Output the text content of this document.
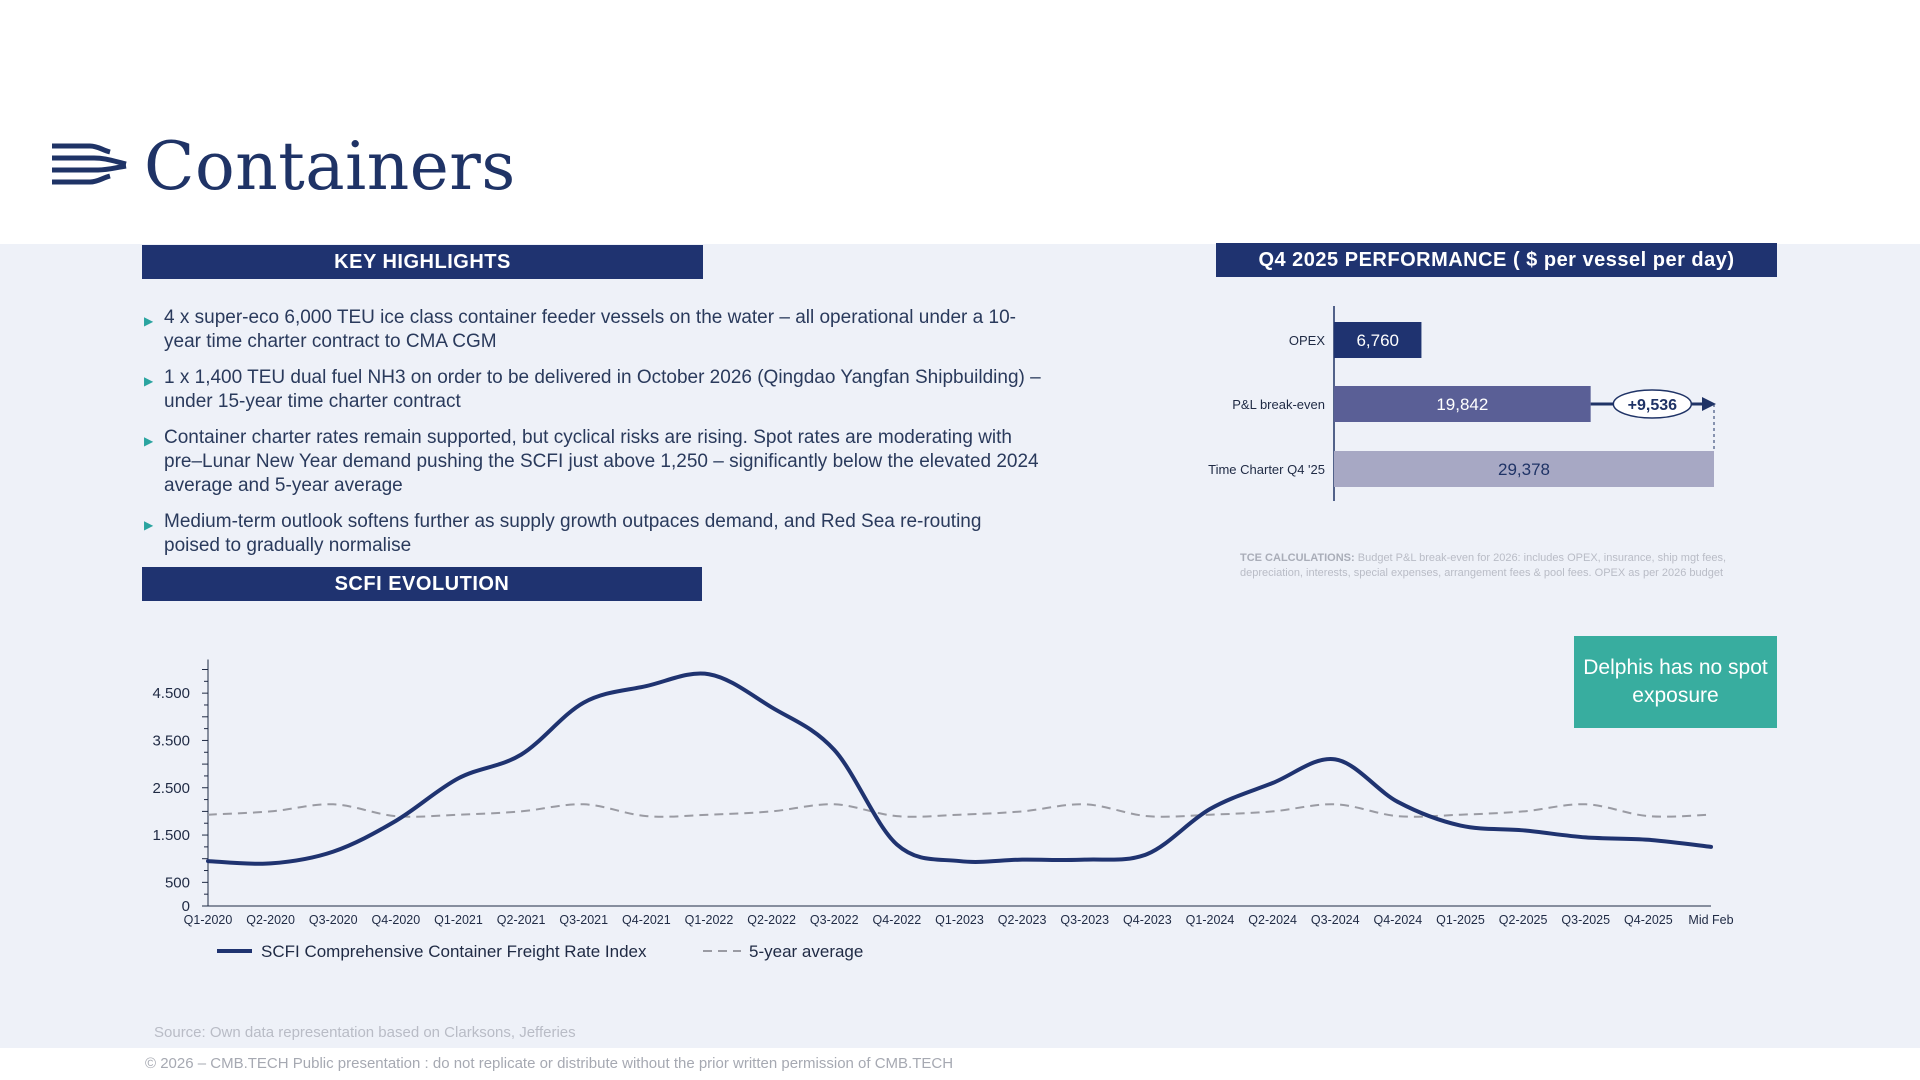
Containers
KEY HIGHLIGHTS
▶ 4 x super-eco 6,000 TEU ice class container feeder vessels on the water – all operational under a 10-year time charter contract to CMA CGM
▶ 1 x 1,400 TEU dual fuel NH3 on order to be delivered in October 2026 (Qingdao Yangfan Shipbuilding) – under 15-year time charter contract
▶ Container charter rates remain supported, but cyclical risks are rising. Spot rates are moderating with pre–Lunar New Year demand pushing the SCFI just above 1,250 – significantly below the elevated 2024 average and 5-year average
▶ Medium-term outlook softens further as supply growth outpaces demand, and Red Sea re-routing poised to gradually normalise
Q4 2025 PERFORMANCE ( $ per vessel per day)
OPEX 6,760
P&L break-even	19,842
Time Charter Q4 '25	29,378
+9,536
TCE CALCULATIONS: Budget P&L break-even for 2026: includes OPEX, insurance, ship mgt fees, depreciation, interests, special expenses, arrangement fees & pool fees. OPEX as per 2026 budget
SCFI EVOLUTION
0
500
1.500
2.500
3.500
4.500
Q1-2020 Q2-2020 Q3-2020 Q4-2020 Q1-2021 Q2-2021 Q3-2021 Q4-2021 Q1-2022 Q2-2022 Q3-2022 Q4-2022 Q1-2023 Q2-2023 Q3-2023 Q4-2023 Q1-2024 Q2-2024 Q3-2024 Q4-2024 Q1-2025 Q2-2025 Q3-2025 Q4-2025 Mid Feb
SCFI Comprehensive Container Freight Rate Index	5-year average
Delphis has no spot exposure
Source: Own data representation based on Clarksons, Jefferies
© 2026 – CMB.TECH Public presentation : do not replicate or distribute without the prior written permission of CMB.TECH
